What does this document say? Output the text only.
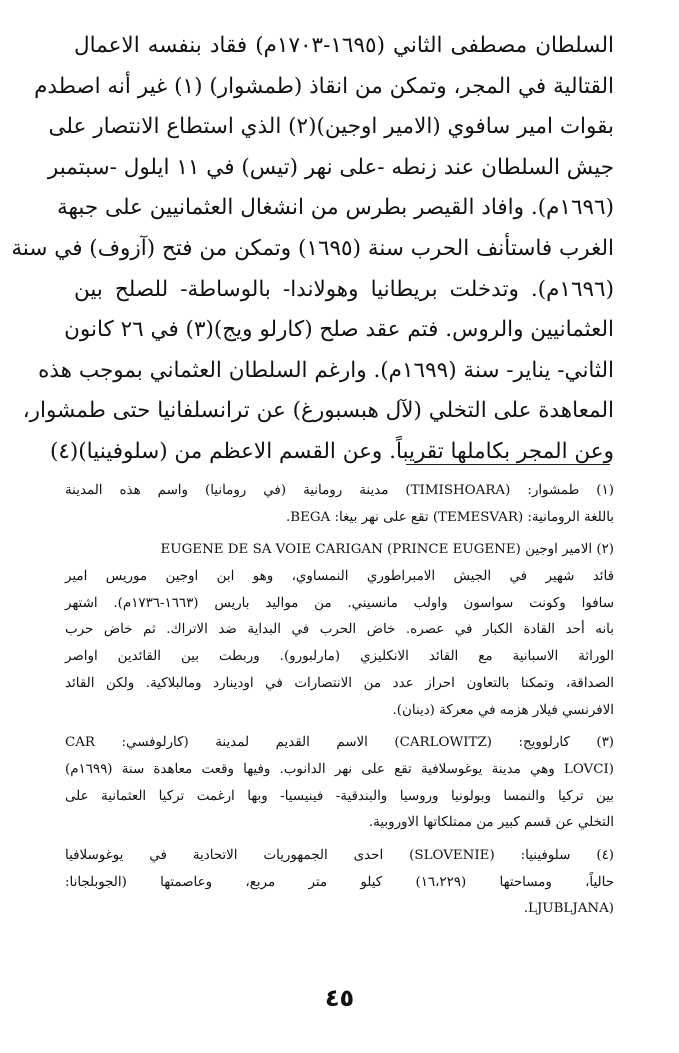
السلطان مصطفى الثاني (١٦٩٥-١٧٠٣م) فقاد بنفسه الاعمال
القتالية في المجر، وتمكن من انقاذ (طمشوار) (١) غير أنه اصطدم
بقوات امير سافوي (الامير اوجين)(٢) الذي استطاع الانتصار على
جيش السلطان عند زنطه -على نهر (تيس) في ١١ ايلول -سبتمبر
(١٦٩٦م). وافاد القيصر بطرس من انشغال العثمانيين على جبهة
الغرب فاستأنف الحرب سنة (١٦٩٥) وتمكن من فتح (آزوف) في سنة
(١٦٩٦م). وتدخلت بريطانيا وهولاندا- بالوساطة- للصلح بين
العثمانيين والروس. فتم عقد صلح (كارلو ويج)(٣) في ٢٦ كانون
الثاني- يناير- سنة (١٦٩٩م). وارغم السلطان العثماني بموجب هذه
المعاهدة على التخلي (لآل هبسبورغ) عن ترانسلفانيا حتى طمشوار،
وعن المجر بكاملها تقريباً. وعن القسم الاعظم من (سلوفينيا)(٤)
(١) طمشوار: (TIMISHOARA) مدينة رومانية (في رومانيا) واسم هذه المدينة
باللغة الرومانية: (TEMESVAR) تقع على نهر بيغا: BEGA.
(٢) الامير اوجين (EUGENE DE SA VOIE CARIGAN (PRINCE EUGENE
قائد شهير في الجيش الامبراطوري النمساوي، وهو ابن اوجين موريس امير
سافوا وكونت سواسون واولب مانسيني. من مواليد باريس (١٦٦٣-١٧٣٦م). اشتهر
بانه أحد القادة الكبار في عصره. خاض الحرب في البداية ضد الاتراك. ثم خاض حرب
الوراثة الاسبانية مع القائد الانكليزي (مارلبورو). وربطت بين القائدين اواصر
الصداقة، وتمكنا بالتعاون احراز عدد من الانتصارات في اودينارد ومالبلاكية. ولكن القائد
الافرنسي فيلار هزمه في معركة (دينان).
(٣) كارلوويج: (CARLOWITZ) الاسم القديم لمدينة (كارلوفسي: CAR
(LOVCI وهي مدينة يوغوسلافية تقع على نهر الدانوب. وفيها وقعت معاهدة سنة (١٦٩٩م)
بين تركيا والنمسا وبولونيا وروسيا والبندقية- فينيسيا- وبها ارغمت تركيا العثمانية على
التخلي عن قسم كبير من ممتلكاتها الاوروبية.
(٤) سلوفينيا: (SLOVENIE) احدى الجمهوريات الاتحادية في يوغوسلافيا
حالياً، ومساحتها (١٦،٢٢٩) كيلو متر مربع، وعاصمتها (الجوبلجانا:
(LJUBLJANA.
٤٥
